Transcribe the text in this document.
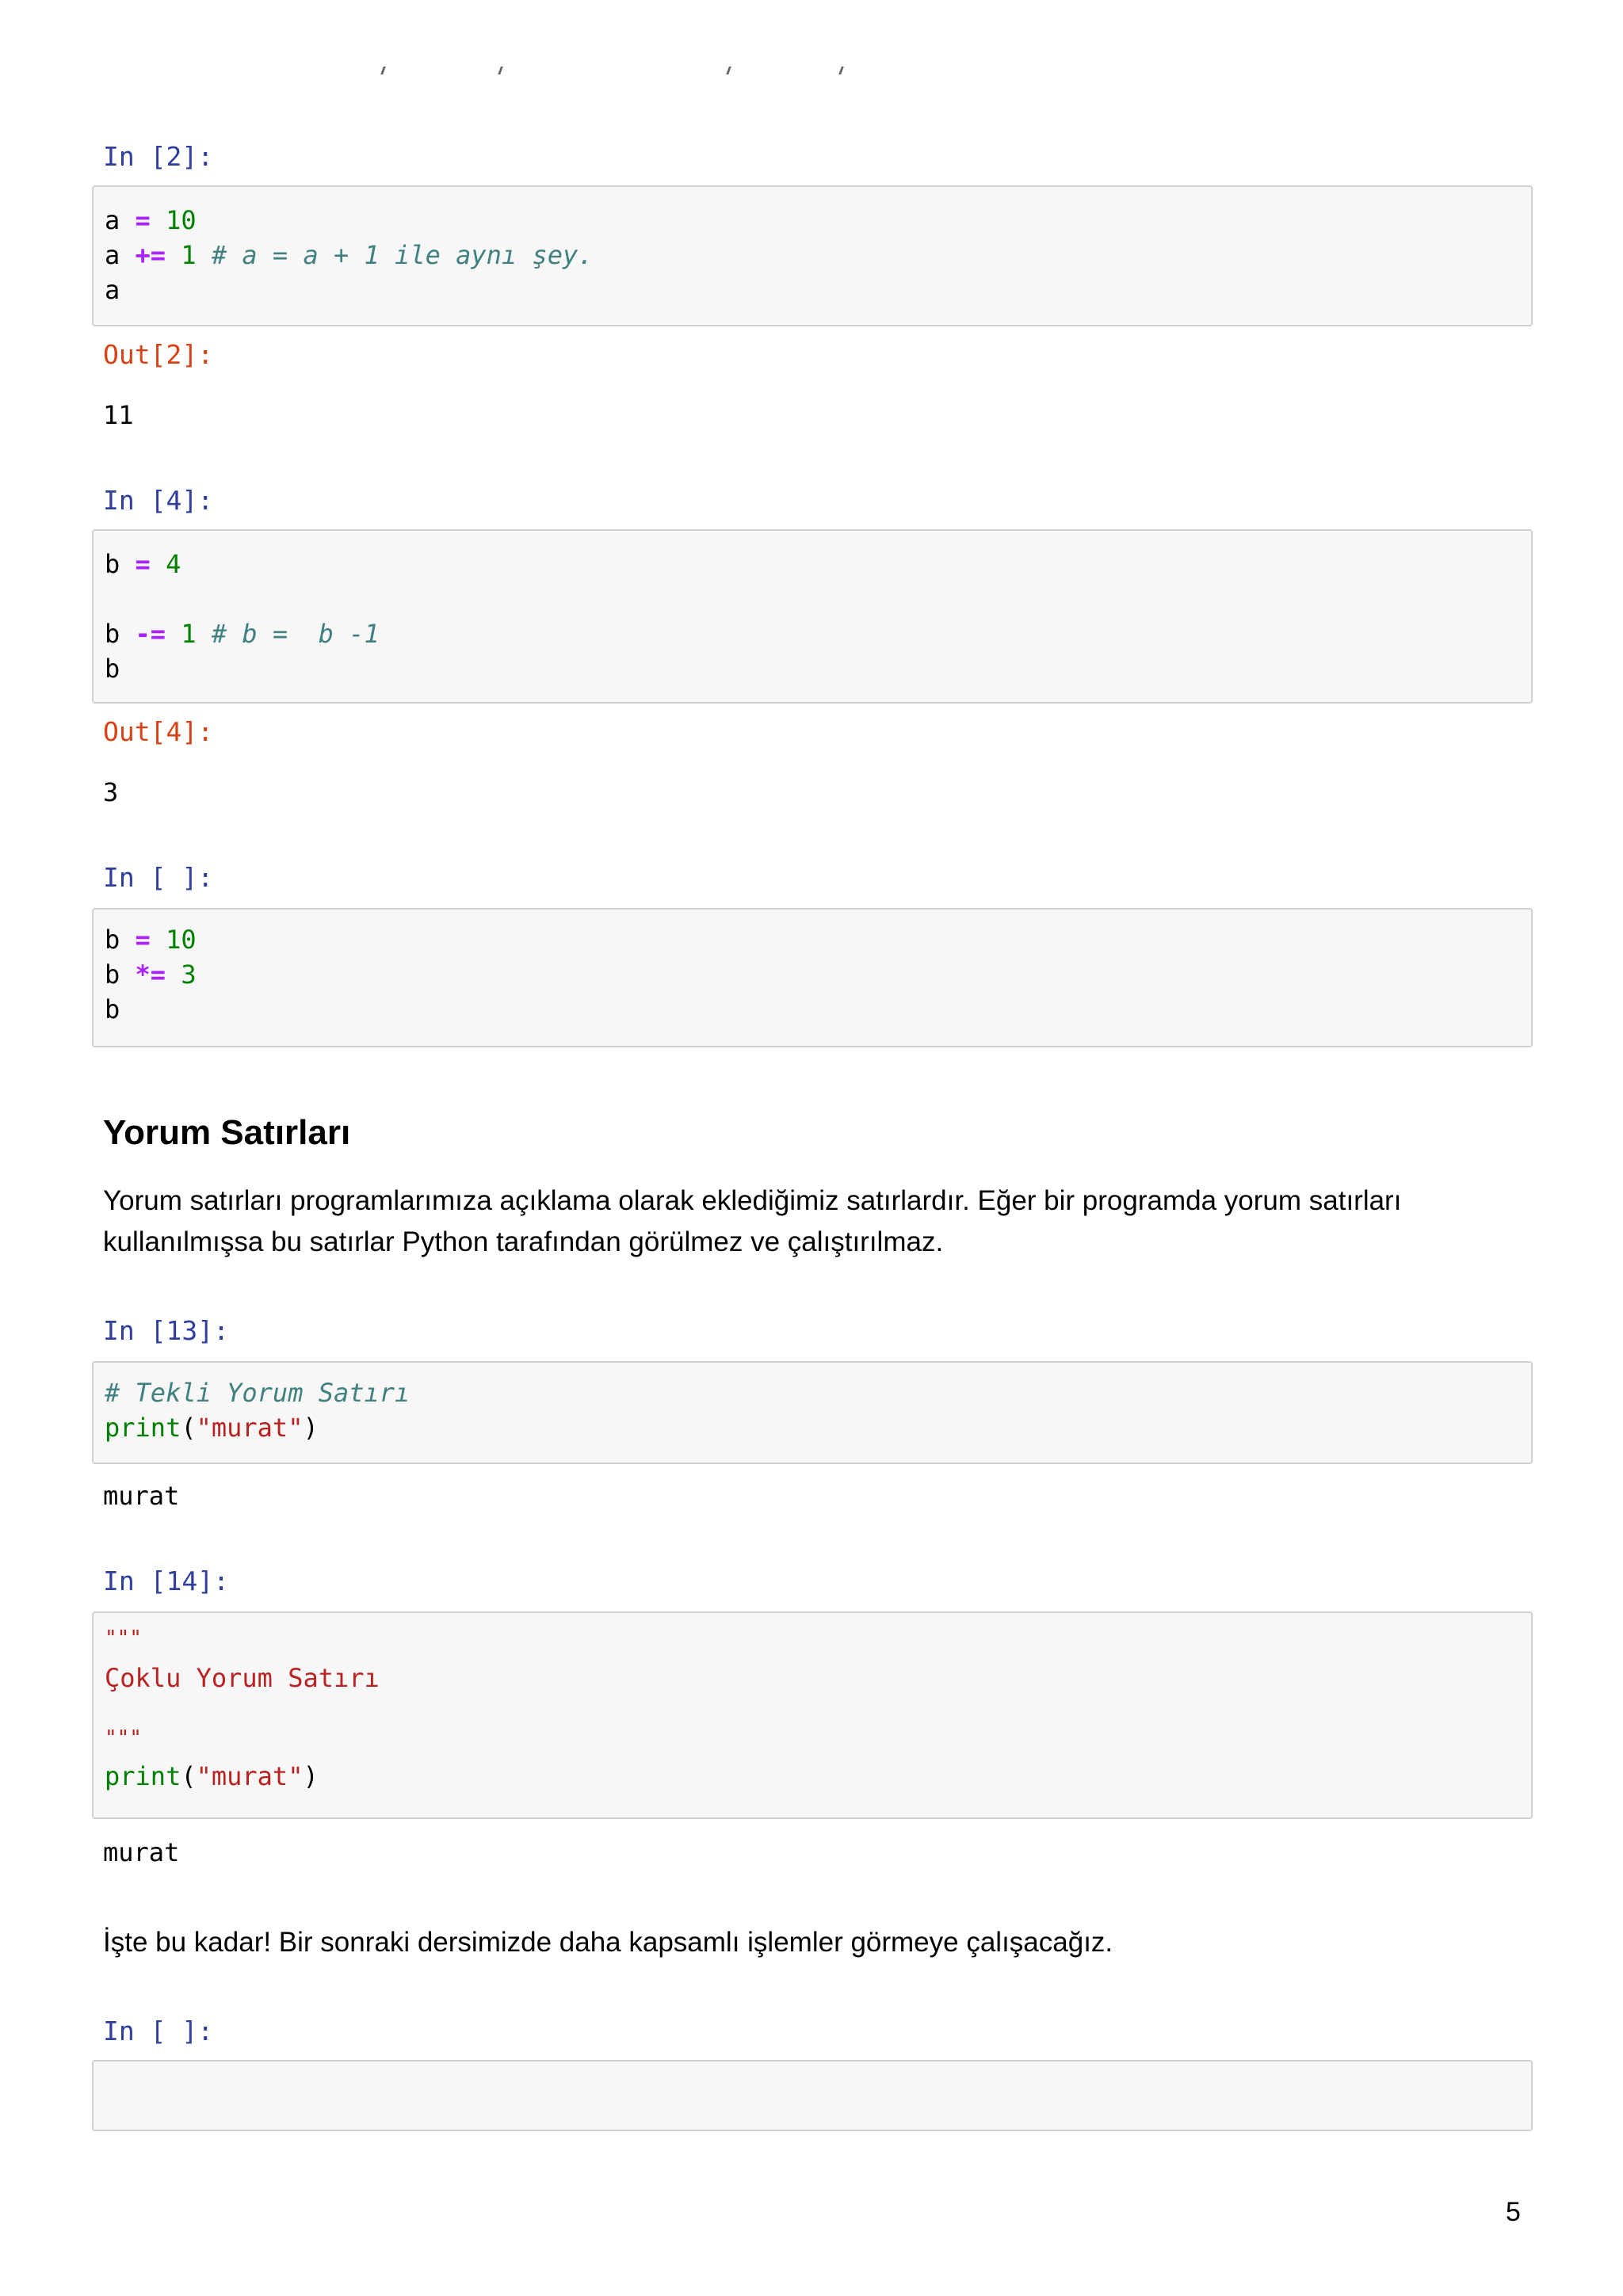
In [2]:
a = 10
a += 1 # a = a + 1 ile aynı şey.
a
Out[2]:
11
In [4]:
b = 4
b -= 1 # b =  b -1
b
Out[4]:
3
In [ ]:
b = 10
b *= 3
b
Yorum Satırları
Yorum satırları programlarımıza açıklama olarak eklediğimiz satırlardır. Eğer bir programda yorum satırları
kullanılmışsa bu satırlar Python tarafından görülmez ve çalıştırılmaz.
In [13]:
# Tekli Yorum Satırı
print("murat")
murat
In [14]:
"""
Çoklu Yorum Satırı
"""
print("murat")
murat
İşte bu kadar! Bir sonraki dersimizde daha kapsamlı işlemler görmeye çalışacağız.
In [ ]:
5
